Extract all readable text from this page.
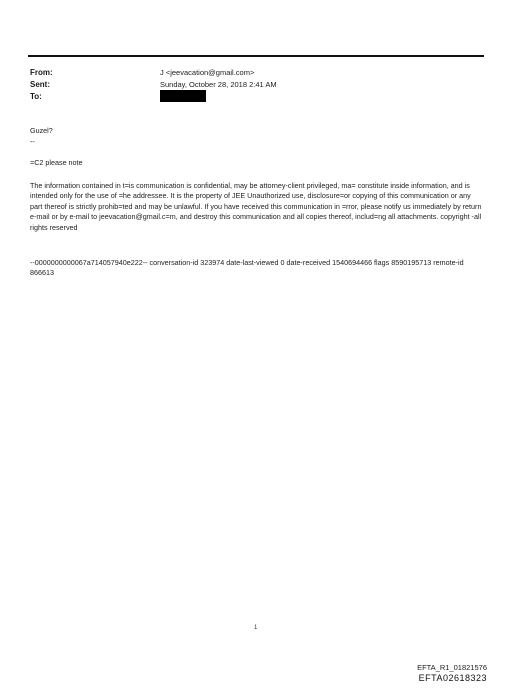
From:	J <jeevacation@gmail.com>
Sent:	Sunday, October 28, 2018 2:41 AM
To:
Guzel?
--
=C2 please note
The information contained in t=is communication is confidential, may be attorney-client privileged, ma= constitute inside information, and is intended only for the use of =he addressee. It is the property of JEE Unauthorized use, disclosure=or copying of this communication or any part thereof is strictly prohib=ted and may be unlawful. If you have received this communication in =rror, please notify us immediately by return e-mail or by e-mail to jeevacation@gmail.c=m, and destroy this communication and all copies thereof, includ=ng all attachments. copyright -all rights reserved
--0000000000067a714057940e222-- conversation-id 323974 date-last-viewed 0 date-received 1540694466 flags 8590195713 remote-id 866613
1
EFTA_R1_01821576
EFTA02618323
